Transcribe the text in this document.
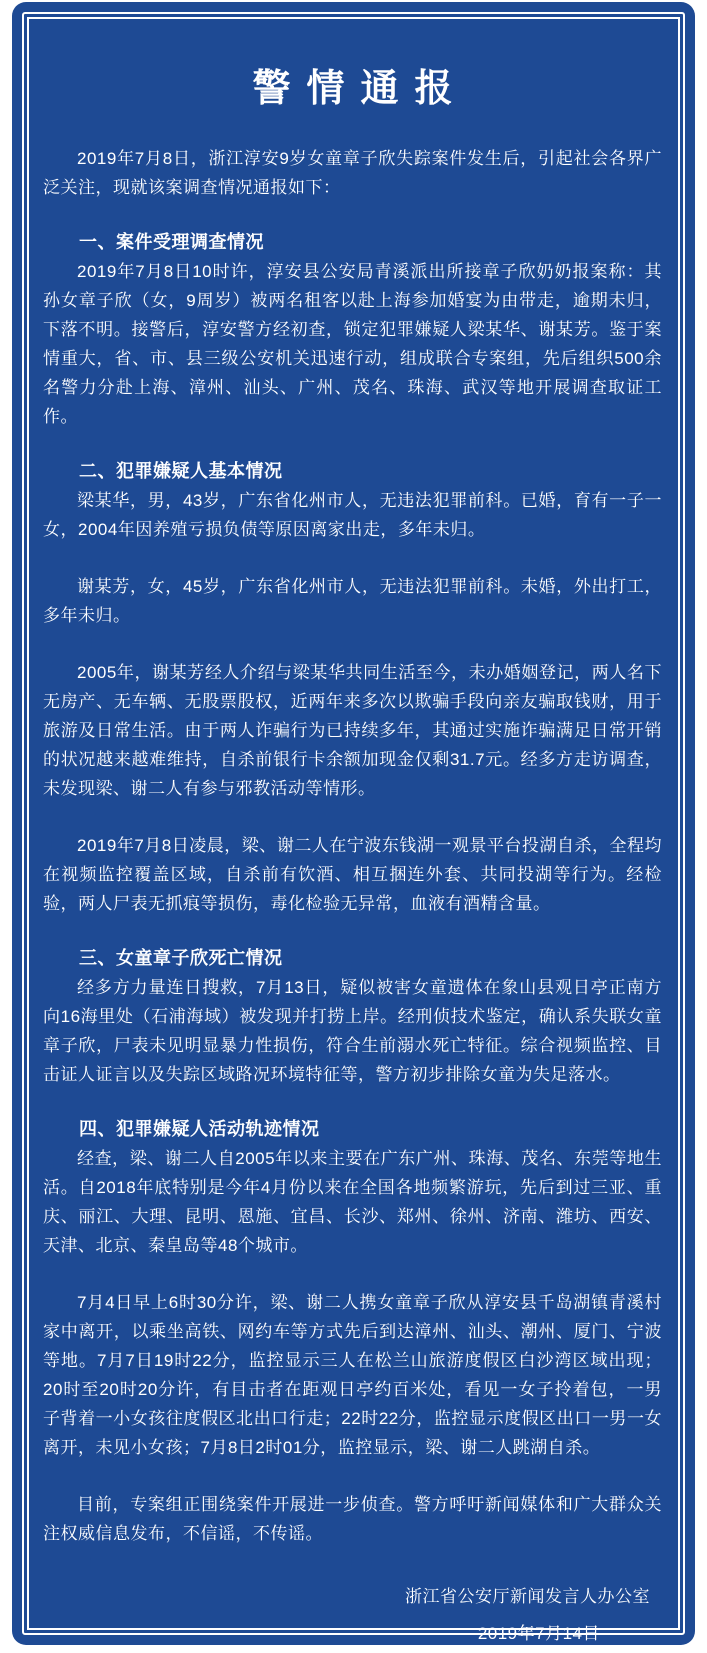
警情通报

2019年7月8日，浙江淳安9岁女童章子欣失踪案件发生后，引起社会各界广泛关注，现就该案调查情况通报如下：

一、案件受理调查情况

2019年7月8日10时许，淳安县公安局青溪派出所接章子欣奶奶报案称：其孙女章子欣（女，9周岁）被两名租客以赴上海参加婚宴为由带走，逾期未归，下落不明。接警后，淳安警方经初查，锁定犯罪嫌疑人梁某华、谢某芳。鉴于案情重大，省、市、县三级公安机关迅速行动，组成联合专案组，先后组织500余名警力分赴上海、漳州、汕头、广州、茂名、珠海、武汉等地开展调查取证工作。

二、犯罪嫌疑人基本情况

梁某华，男，43岁，广东省化州市人，无违法犯罪前科。已婚，育有一子一女，2004年因养殖亏损负债等原因离家出走，多年未归。

谢某芳，女，45岁，广东省化州市人，无违法犯罪前科。未婚，外出打工，多年未归。

2005年，谢某芳经人介绍与梁某华共同生活至今，未办婚姻登记，两人名下无房产、无车辆、无股票股权，近两年来多次以欺骗手段向亲友骗取钱财，用于旅游及日常生活。由于两人诈骗行为已持续多年，其通过实施诈骗满足日常开销的状况越来越难维持，自杀前银行卡余额加现金仅剩31.7元。经多方走访调查，未发现梁、谢二人有参与邪教活动等情形。

2019年7月8日凌晨，梁、谢二人在宁波东钱湖一观景平台投湖自杀，全程均在视频监控覆盖区域，自杀前有饮酒、相互捆连外套、共同投湖等行为。经检验，两人尸表无抓痕等损伤，毒化检验无异常，血液有酒精含量。

三、女童章子欣死亡情况

经多方力量连日搜救，7月13日，疑似被害女童遗体在象山县观日亭正南方向16海里处（石浦海域）被发现并打捞上岸。经刑侦技术鉴定，确认系失联女童章子欣，尸表未见明显暴力性损伤，符合生前溺水死亡特征。综合视频监控、目击证人证言以及失踪区域路况环境特征等，警方初步排除女童为失足落水。

四、犯罪嫌疑人活动轨迹情况

经查，梁、谢二人自2005年以来主要在广东广州、珠海、茂名、东莞等地生活。自2018年底特别是今年4月份以来在全国各地频繁游玩，先后到过三亚、重庆、丽江、大理、昆明、恩施、宜昌、长沙、郑州、徐州、济南、潍坊、西安、天津、北京、秦皇岛等48个城市。

7月4日早上6时30分许，梁、谢二人携女童章子欣从淳安县千岛湖镇青溪村家中离开，以乘坐高铁、网约车等方式先后到达漳州、汕头、潮州、厦门、宁波等地。7月7日19时22分，监控显示三人在松兰山旅游度假区白沙湾区域出现；20时至20时20分许，有目击者在距观日亭约百米处，看见一女子拎着包，一男子背着一小女孩往度假区北出口行走；22时22分，监控显示度假区出口一男一女离开，未见小女孩；7月8日2时01分，监控显示，梁、谢二人跳湖自杀。

目前，专案组正围绕案件开展进一步侦查。警方呼吁新闻媒体和广大群众关注权威信息发布，不信谣，不传谣。

浙江省公安厅新闻发言人办公室

2019年7月14日
